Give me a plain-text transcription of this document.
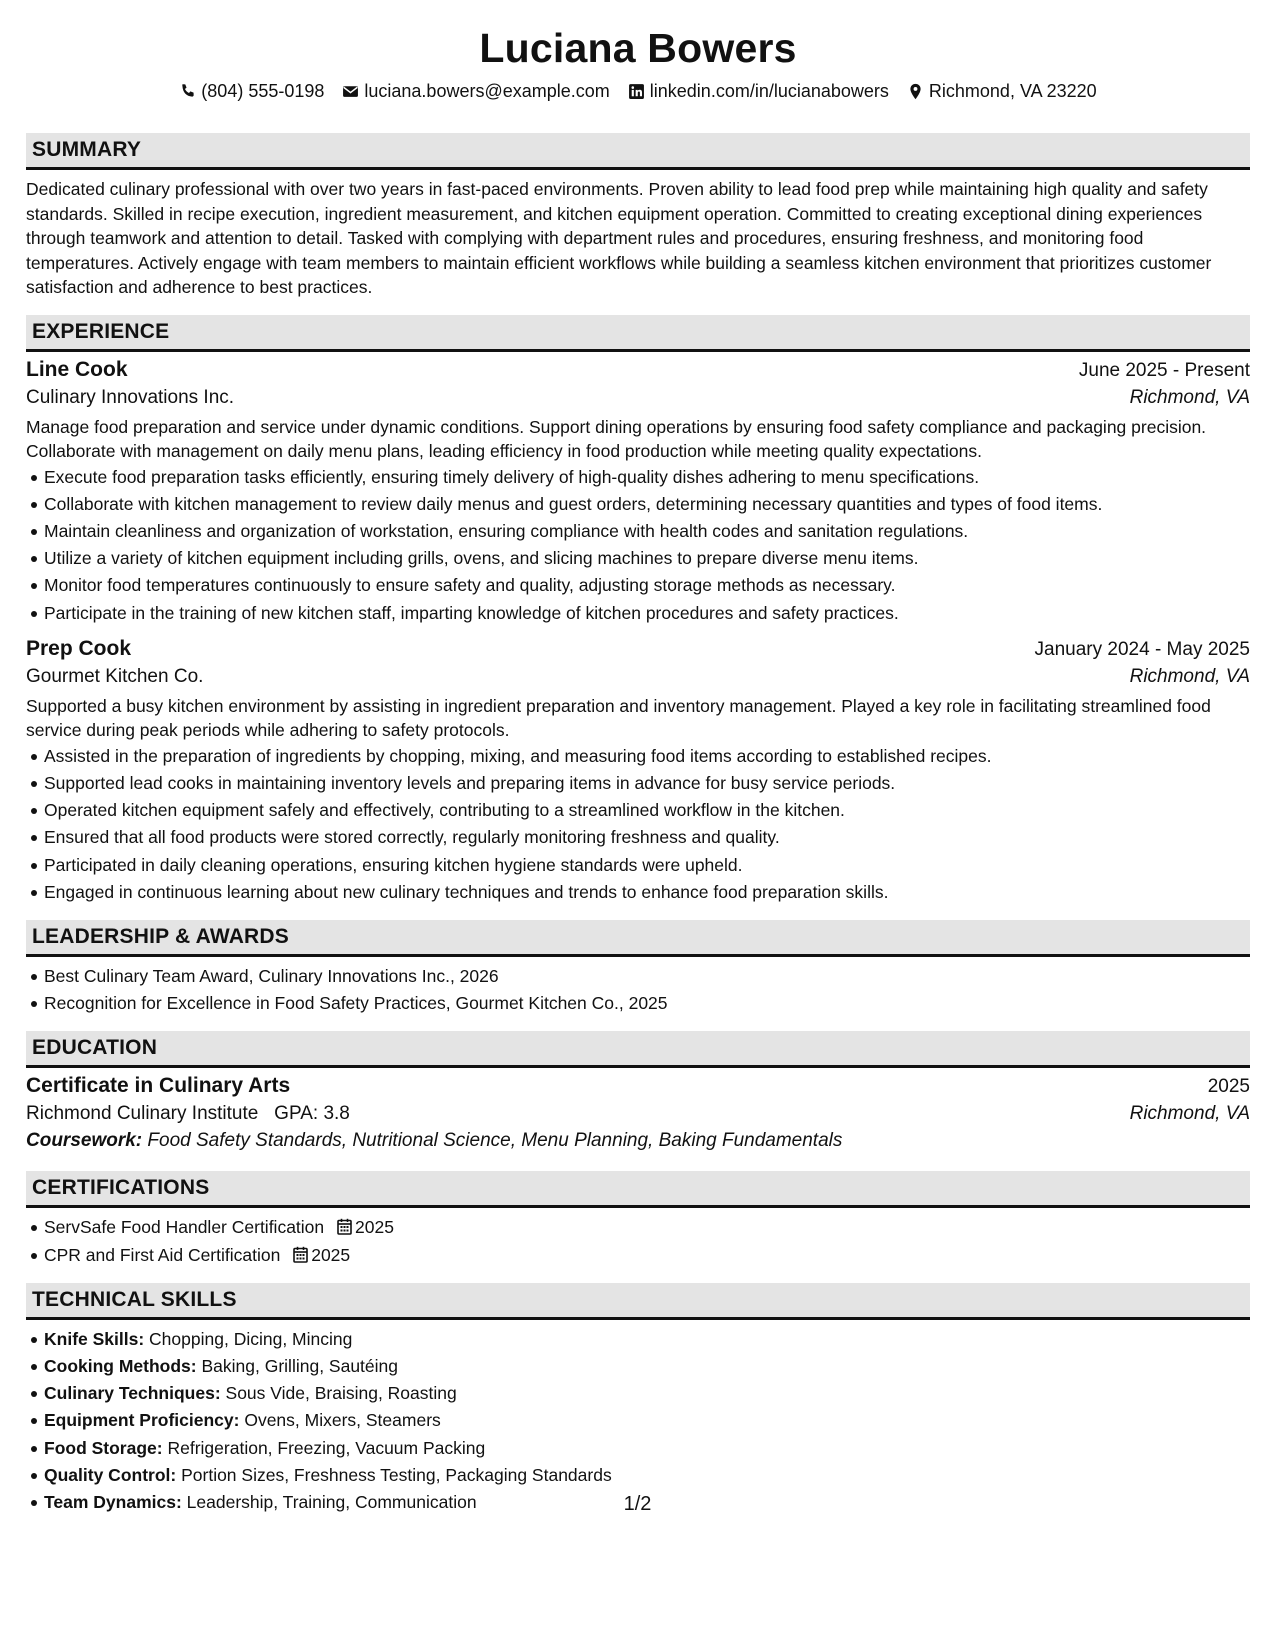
Luciana Bowers
(804) 555-0198 luciana.bowers@example.com linkedin.com/in/lucianabowers Richmond, VA 23220
SUMMARY

Dedicated culinary professional with over two years in fast-paced environments. Proven ability to lead food prep while maintaining high quality and safety standards. Skilled in recipe execution, ingredient measurement, and kitchen equipment operation. Committed to creating exceptional dining experiences through teamwork and attention to detail. Tasked with complying with department rules and procedures, ensuring freshness, and monitoring food temperatures. Actively engage with team members to maintain efficient workflows while building a seamless kitchen environment that prioritizes customer satisfaction and adherence to best practices.

EXPERIENCE
Line Cook	June 2025 - Present
Culinary Innovations Inc.	Richmond, VA

Manage food preparation and service under dynamic conditions. Support dining operations by ensuring food safety compliance and packaging precision. Collaborate with management on daily menu plans, leading efficiency in food production while meeting quality expectations.

Execute food preparation tasks efficiently, ensuring timely delivery of high-quality dishes adhering to menu specifications.
Collaborate with kitchen management to review daily menus and guest orders, determining necessary quantities and types of food items.
Maintain cleanliness and organization of workstation, ensuring compliance with health codes and sanitation regulations.
Utilize a variety of kitchen equipment including grills, ovens, and slicing machines to prepare diverse menu items.
Monitor food temperatures continuously to ensure safety and quality, adjusting storage methods as necessary.
Participate in the training of new kitchen staff, imparting knowledge of kitchen procedures and safety practices.
Prep Cook	January 2024 - May 2025
Gourmet Kitchen Co.	Richmond, VA

Supported a busy kitchen environment by assisting in ingredient preparation and inventory management. Played a key role in facilitating streamlined food service during peak periods while adhering to safety protocols.

Assisted in the preparation of ingredients by chopping, mixing, and measuring food items according to established recipes.
Supported lead cooks in maintaining inventory levels and preparing items in advance for busy service periods.
Operated kitchen equipment safely and effectively, contributing to a streamlined workflow in the kitchen.
Ensured that all food products were stored correctly, regularly monitoring freshness and quality.
Participated in daily cleaning operations, ensuring kitchen hygiene standards were upheld.
Engaged in continuous learning about new culinary techniques and trends to enhance food preparation skills.
LEADERSHIP & AWARDS
Best Culinary Team Award, Culinary Innovations Inc., 2026
Recognition for Excellence in Food Safety Practices, Gourmet Kitchen Co., 2025
EDUCATION
Certificate in Culinary Arts	2025
Richmond Culinary Institute GPA: 3.8	Richmond, VA
Coursework: Food Safety Standards, Nutritional Science, Menu Planning, Baking Fundamentals
CERTIFICATIONS
ServSafe Food Handler Certification 2025
CPR and First Aid Certification 2025
TECHNICAL SKILLS
Knife Skills: Chopping, Dicing, Mincing
Cooking Methods: Baking, Grilling, Sautéing
Culinary Techniques: Sous Vide, Braising, Roasting
Equipment Proficiency: Ovens, Mixers, Steamers
Food Storage: Refrigeration, Freezing, Vacuum Packing
Quality Control: Portion Sizes, Freshness Testing, Packaging Standards
Team Dynamics: Leadership, Training, Communication	1/2
